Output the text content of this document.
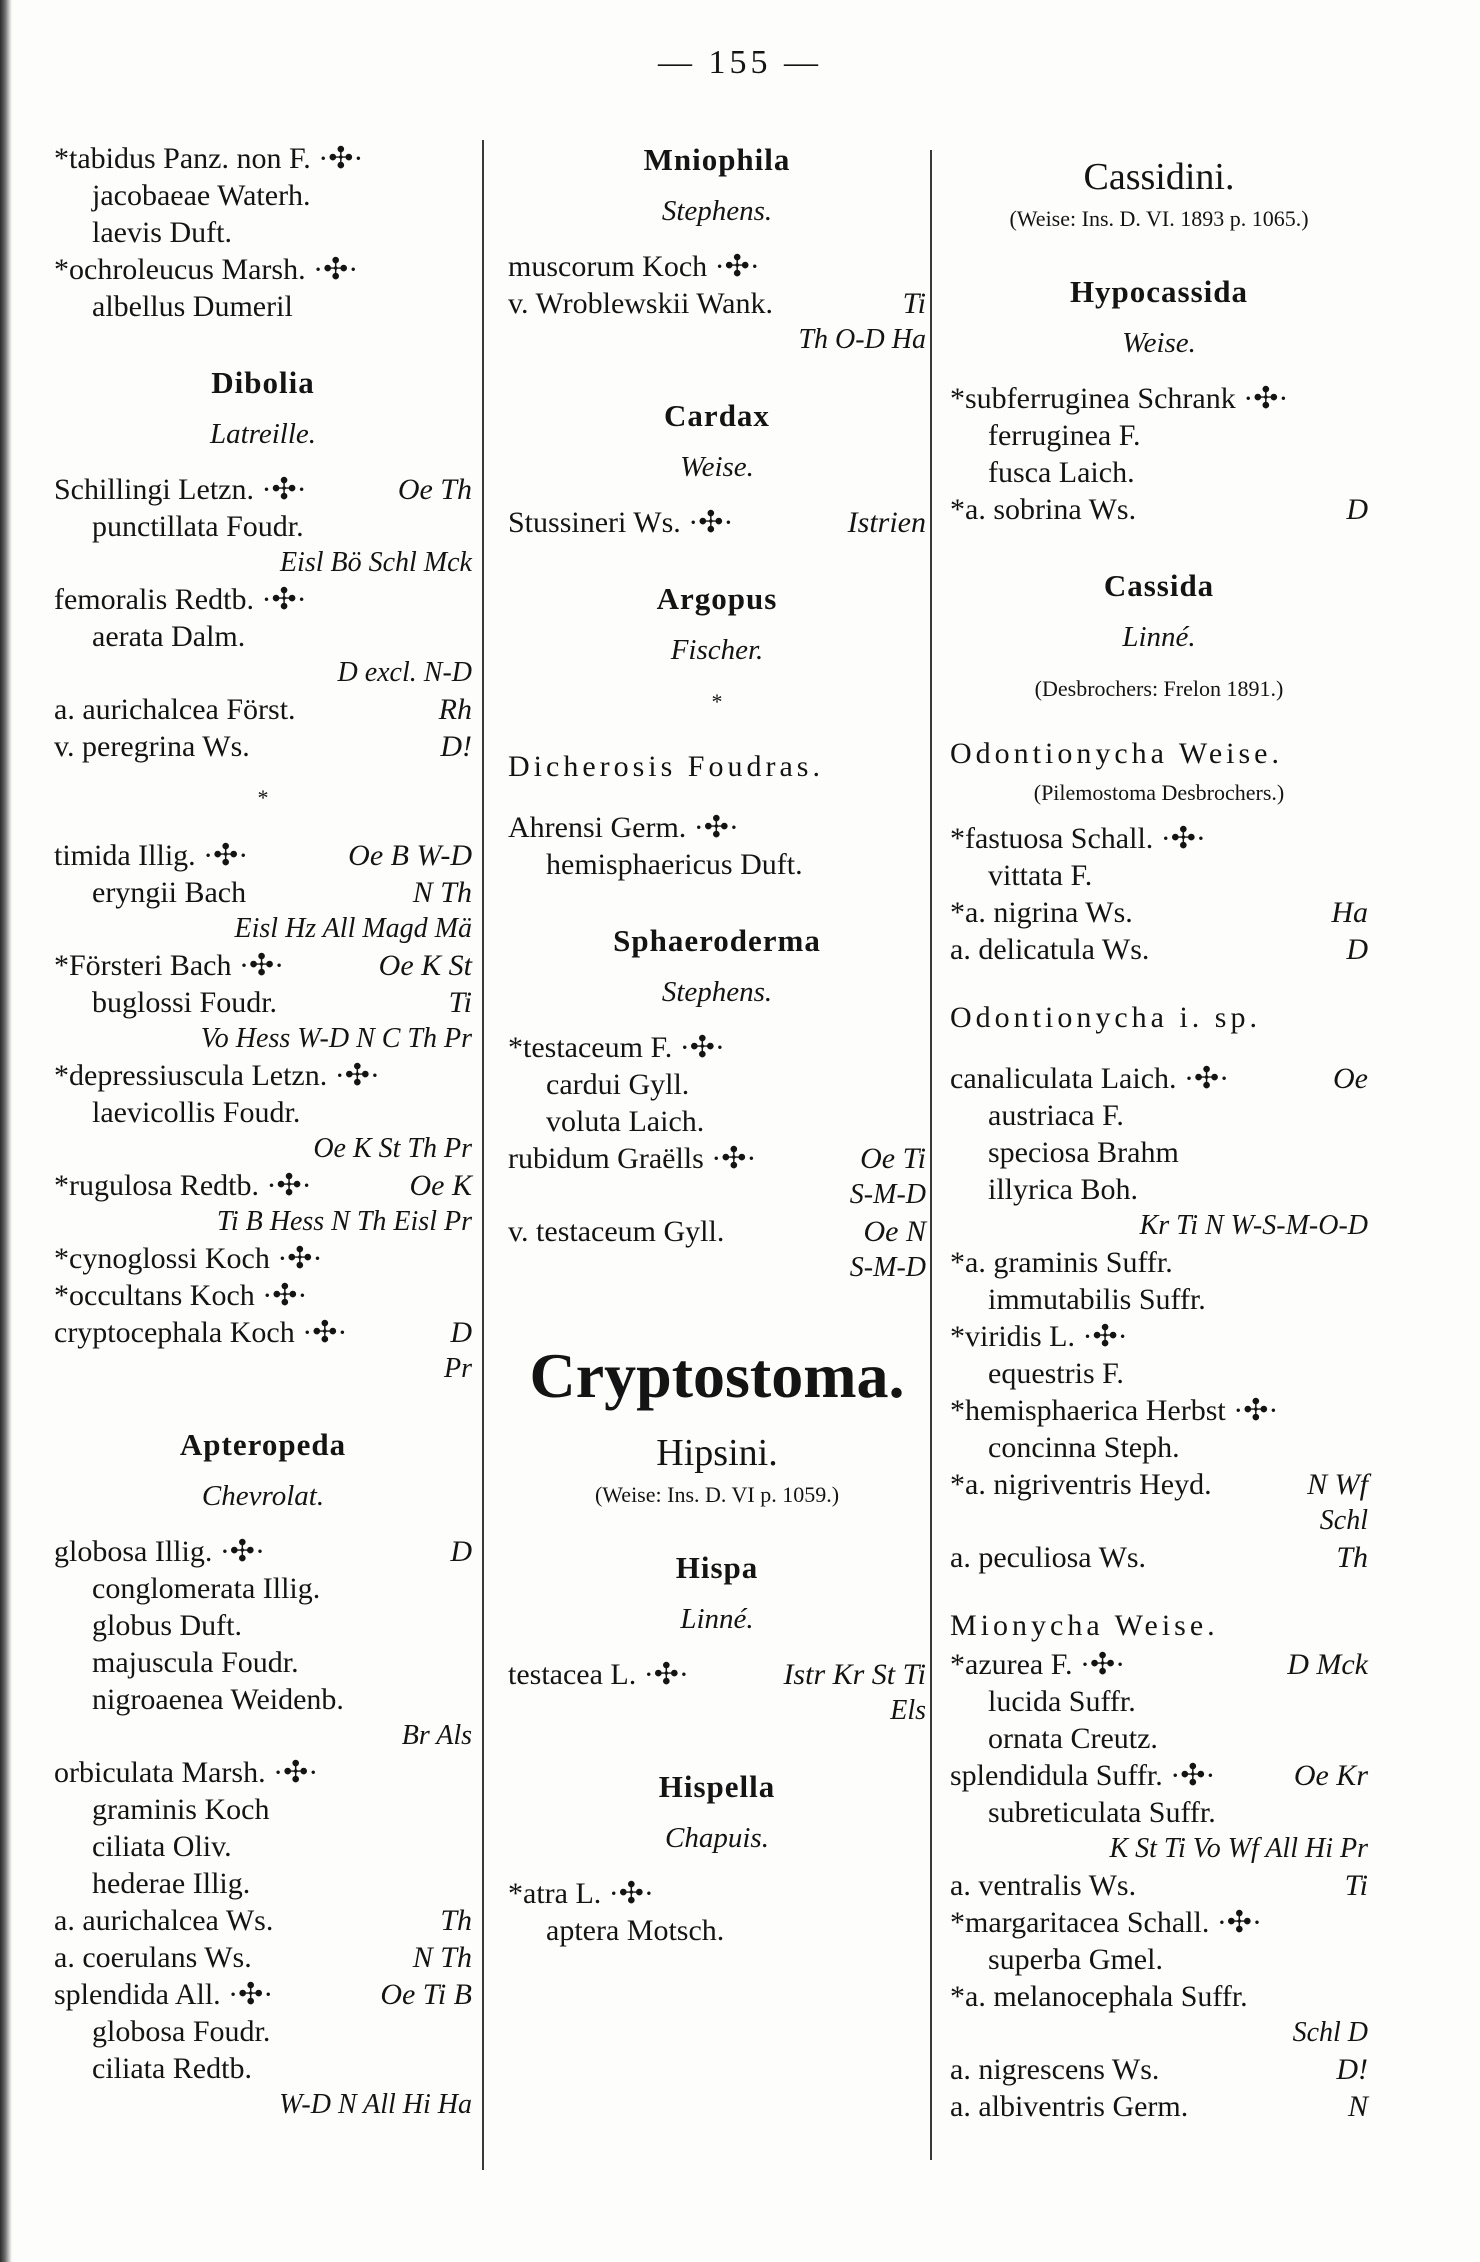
— 155 —
*tabidus Panz. non F. ·✣·
jacobaeae Waterh.
laevis Duft.
*ochroleucus Marsh. ·✣·
albellus Dumeril
Dibolia
Latreille.
Schillingi Letzn. ·✣·	Oe Th
punctillata Foudr.
Eisl Bö Schl Mck
femoralis Redtb. ·✣·
aerata Dalm.
D excl. N-D
a. aurichalcea Först.	Rh
v. peregrina Ws.	D!
*
timida Illig. ·✣·	Oe B W-D
eryngii Bach	N Th
Eisl Hz All Magd Mä
*Försteri Bach ·✣·	Oe K St
buglossi Foudr.	Ti
Vo Hess W-D N C Th Pr
*depressiuscula Letzn. ·✣·
laevicollis Foudr.
Oe K St Th Pr
*rugulosa Redtb. ·✣·	Oe K
Ti B Hess N Th Eisl Pr
*cynoglossi Koch ·✣·
*occultans Koch ·✣·
cryptocephala Koch ·✣·	D
Pr
Apteropeda
Chevrolat.
globosa Illig. ·✣·	D
conglomerata Illig.
globus Duft.
majuscula Foudr.
nigroaenea Weidenb.
Br Als
orbiculata Marsh. ·✣·
graminis Koch
ciliata Oliv.
hederae Illig.
a. aurichalcea Ws.	Th
a. coerulans Ws.	N Th
splendida All. ·✣·	Oe Ti B
globosa Foudr.
ciliata Redtb.
W-D N All Hi Ha
Mniophila
Stephens.
muscorum Koch ·✣·
v. Wroblewskii Wank.	Ti
Th O-D Ha
Cardax
Weise.
Stussineri Ws. ·✣·	Istrien
Argopus
Fischer.
*
Dicherosis Foudras.
Ahrensi Germ. ·✣·
hemisphaericus Duft.
Sphaeroderma
Stephens.
*testaceum F. ·✣·
cardui Gyll.
voluta Laich.
rubidum Graëlls ·✣·	Oe Ti
S-M-D
v. testaceum Gyll.	Oe N
S-M-D
Cryptostoma.
Hipsini.
(Weise: Ins. D. VI p. 1059.)
Hispa
Linné.
testacea L. ·✣·	Istr Kr St Ti
Els
Hispella
Chapuis.
*atra L. ·✣·
aptera Motsch.
Cassidini.
(Weise: Ins. D. VI. 1893 p. 1065.)
Hypocassida
Weise.
*subferruginea Schrank ·✣·
ferruginea F.
fusca Laich.
*a. sobrina Ws.	D
Cassida
Linné.
(Desbrochers: Frelon 1891.)
Odontionycha Weise.
(Pilemostoma Desbrochers.)
*fastuosa Schall. ·✣·
vittata F.
*a. nigrina Ws.	Ha
a. delicatula Ws.	D
Odontionycha i. sp.
canaliculata Laich. ·✣·	Oe
austriaca F.
speciosa Brahm
illyrica Boh.
Kr Ti N W-S-M-O-D
*a. graminis Suffr.
immutabilis Suffr.
*viridis L. ·✣·
equestris F.
*hemisphaerica Herbst ·✣·
concinna Steph.
*a. nigriventris Heyd.	N Wf
Schl
a. peculiosa Ws.	Th
Mionycha Weise.
*azurea F. ·✣·	D Mck
lucida Suffr.
ornata Creutz.
splendidula Suffr. ·✣·	Oe Kr
subreticulata Suffr.
K St Ti Vo Wf All Hi Pr
a. ventralis Ws.	Ti
*margaritacea Schall. ·✣·
superba Gmel.
*a. melanocephala Suffr.
Schl D
a. nigrescens Ws.	D!
a. albiventris Germ.	N
